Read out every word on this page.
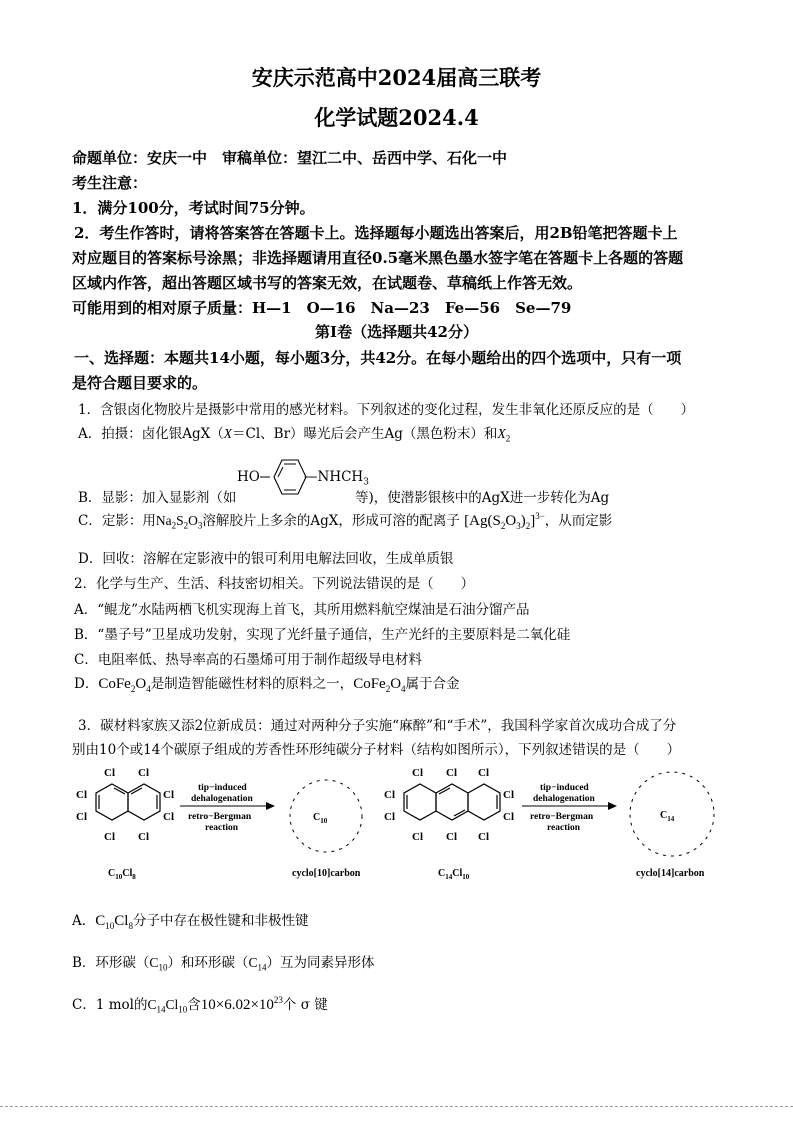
安庆示范高中2024届高三联考
化学试题2024.4
命题单位：安庆一中　审稿单位：望江二中、岳西中学、石化一中
考生注意：
1．满分100分，考试时间75分钟。
2．考生作答时，请将答案答在答题卡上。选择题每小题选出答案后，用2B铅笔把答题卡上
对应题目的答案标号涂黑；非选择题请用直径0.5毫米黑色墨水签字笔在答题卡上各题的答题
区域内作答，超出答题区域书写的答案无效，在试题卷、草稿纸上作答无效。
可能用到的相对原子质量：H—1　O—16　Na—23　Fe—56　Se—79
第Ⅰ卷（选择题共42分）
一、选择题：本题共14小题，每小题3分，共42分。在每小题给出的四个选项中，只有一项
是符合题目要求的。
1．含银卤化物胶片是摄影中常用的感光材料。下列叙述的变化过程，发生非氧化还原反应的是（　　）
A．拍摄：卤化银AgX（X＝Cl、Br）曝光后会产生Ag（黑色粉末）和$X_2$
HO	$—NHCH_3$
B．显影：加入显影剂（如	等)，使潜影银核中的AgX进一步转化为Ag
C．定影：用$Na_2S_2O_3$溶解胶片上多余的AgX，形成可溶的配离子 $[Ag(S_2O_3)_2]^{3-}$，从而定影
D．回收：溶解在定影液中的银可利用电解法回收，生成单质银
2．化学与生产、生活、科技密切相关。下列说法错误的是（　　）
A．“鲲龙”水陆两栖飞机实现海上首飞，其所用燃料航空煤油是石油分馏产品
B．“墨子号”卫星成功发射，实现了光纤量子通信，生产光纤的主要原料是二氧化硅
C．电阻率低、热导率高的石墨烯可用于制作超级导电材料
D．$CoFe_2O_4$是制造智能磁性材料的原料之一，$CoFe_2O_4$属于合金
3．碳材料家族又添2位新成员：通过对两种分子实施“麻醉”和“手术”，我国科学家首次成功合成了分
别由10个或14个碳原子组成的芳香性环形纯碳分子材料（结构如图所示），下列叙述错误的是（　　）
Cl Cl
Cl	Cl
Cl	Cl
Cl Cl
$C_{10}Cl_8$
tip−induced
dehalogenation
retro−Bergman
reaction
$C_{10}$
cyclo[10]carbon
Cl Cl Cl
Cl	Cl
Cl	Cl
Cl Cl Cl
$C_{14}Cl_{10}$
tip−induced
dehalogenation
retro−Bergman
reaction
$C_{14}$
cyclo[14]carbon
A．$C_{10}Cl_8$分子中存在极性键和非极性键
B．环形碳$(C_{10})$和环形碳$(C_{14})$互为同素异形体
C．1 mol的$C_{14}Cl_{10}$含$10\times 6.02\times 10^{23}$个 σ 键
